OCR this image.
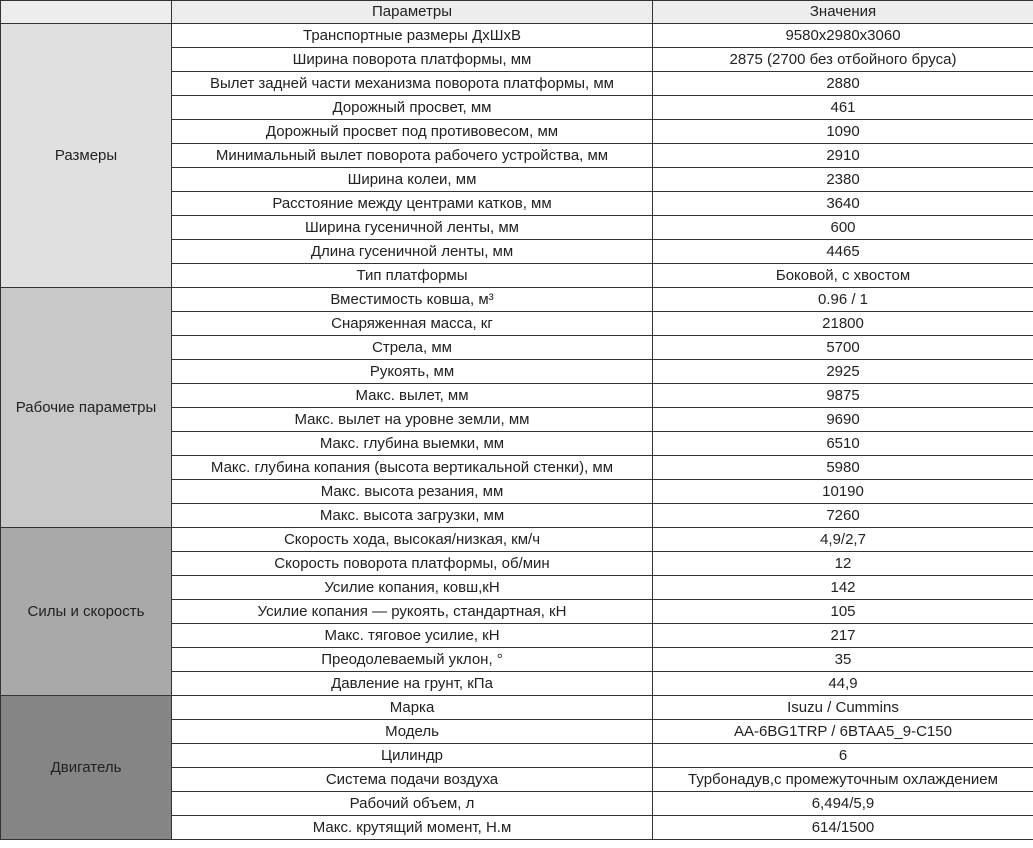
	Параметры	Значения
Размеры	Транспортные размеры ДхШхВ	9580x2980x3060
	Ширина поворота платформы, мм	2875 (2700 без отбойного бруса)
	Вылет задней части механизма поворота платформы, мм	2880
	Дорожный просвет, мм	461
	Дорожный просвет под противовесом, мм	1090
	Минимальный вылет поворота рабочего устройства, мм	2910
	Ширина колеи, мм	2380
	Расстояние между центрами катков, мм	3640
	Ширина гусеничной ленты, мм	600
	Длина гусеничной ленты, мм	4465
	Тип платформы	Боковой, с хвостом
Рабочие параметры	Вместимость ковша, м³	0.96 / 1
	Снаряженная масса, кг	21800
	Стрела, мм	5700
	Рукоять, мм	2925
	Макс. вылет, мм	9875
	Макс. вылет на уровне земли, мм	9690
	Макс. глубина выемки, мм	6510
	Макс. глубина копания (высота вертикальной стенки), мм	5980
	Макс. высота резания, мм	10190
	Макс. высота загрузки, мм	7260
Силы и скорость	Скорость хода, высокая/низкая, км/ч	4,9/2,7
	Скорость поворота платформы, об/мин	12
	Усилие копания, ковш,кН	142
	Усилие копания — рукоять, стандартная, кН	105
	Макс. тяговое усилие, кН	217
	Преодолеваемый уклон, °	35
	Давление на грунт, кПа	44,9
Двигатель	Марка	Isuzu / Cummins
	Модель	AA-6BG1TRP / 6BTAA5_9-C150
	Цилиндр	6
	Система подачи воздуха	Турбонадув,с промежуточным охлаждением
	Рабочий объем, л	6,494/5,9
	Макс. крутящий момент, Н.м	614/1500
